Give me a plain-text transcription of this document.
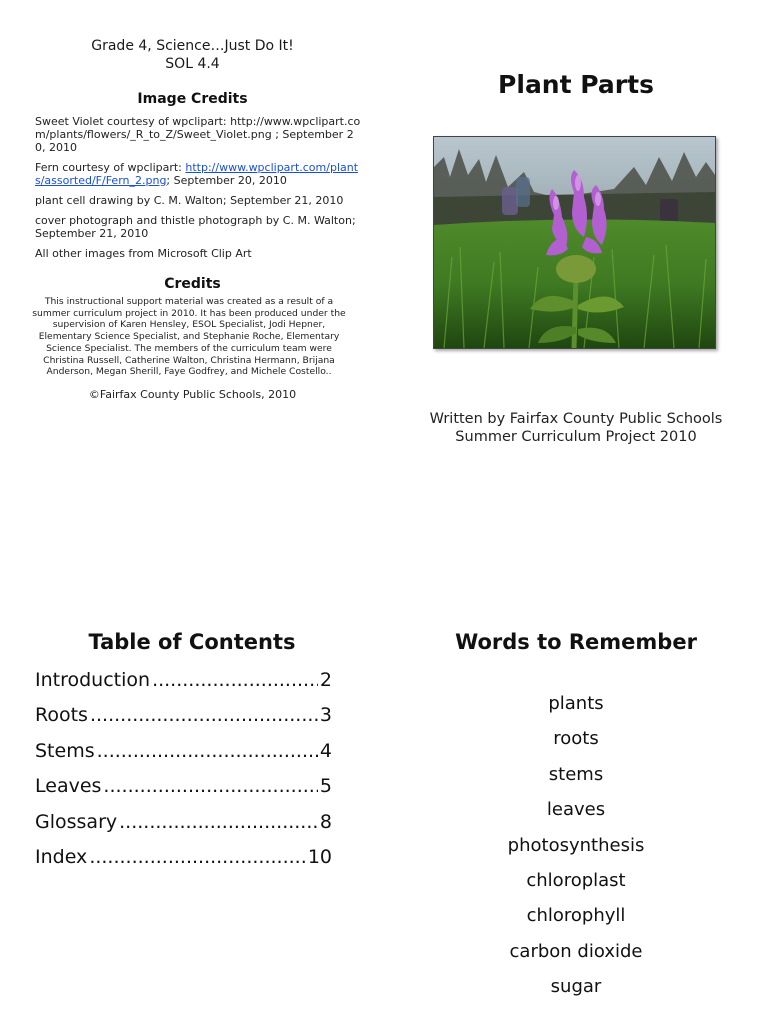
Grade 4, Science…Just Do It!
SOL 4.4
Image Credits

Sweet Violet courtesy of wpclipart: http://www.wpclipart.com/plants/flowers/_R_to_Z/Sweet_Violet.png ; September 20, 2010

Fern courtesy of wpclipart: http://www.wpclipart.com/plants/assorted/F/Fern_2.png; September 20, 2010

plant cell drawing by C. M. Walton; September 21, 2010

cover photograph and thistle photograph by C. M. Walton; September 21, 2010

All other images from Microsoft Clip Art

Credits
This instructional support material was created as a result of a summer curriculum project in 2010. It has been produced under the supervision of Karen Hensley, ESOL Specialist, Jodi Hepner, Elementary Science Specialist, and Stephanie Roche, Elementary Science Specialist. The members of the curriculum team were Christina Russell, Catherine Walton, Christina Hermann, Brijana Anderson, Megan Sherill, Faye Godfrey, and Michele Costello..
©Fairfax County Public Schools, 2010
Plant Parts
Written by Fairfax County Public Schools
Summer Curriculum Project 2010
Table of Contents
Introduction .....	2
Roots .....	3
Stems .....	4
Leaves .....	5
Glossary .....	8
Index .....	10
Words to Remember
plants
roots
stems
leaves
photosynthesis
chloroplast
chlorophyll
carbon dioxide
sugar
